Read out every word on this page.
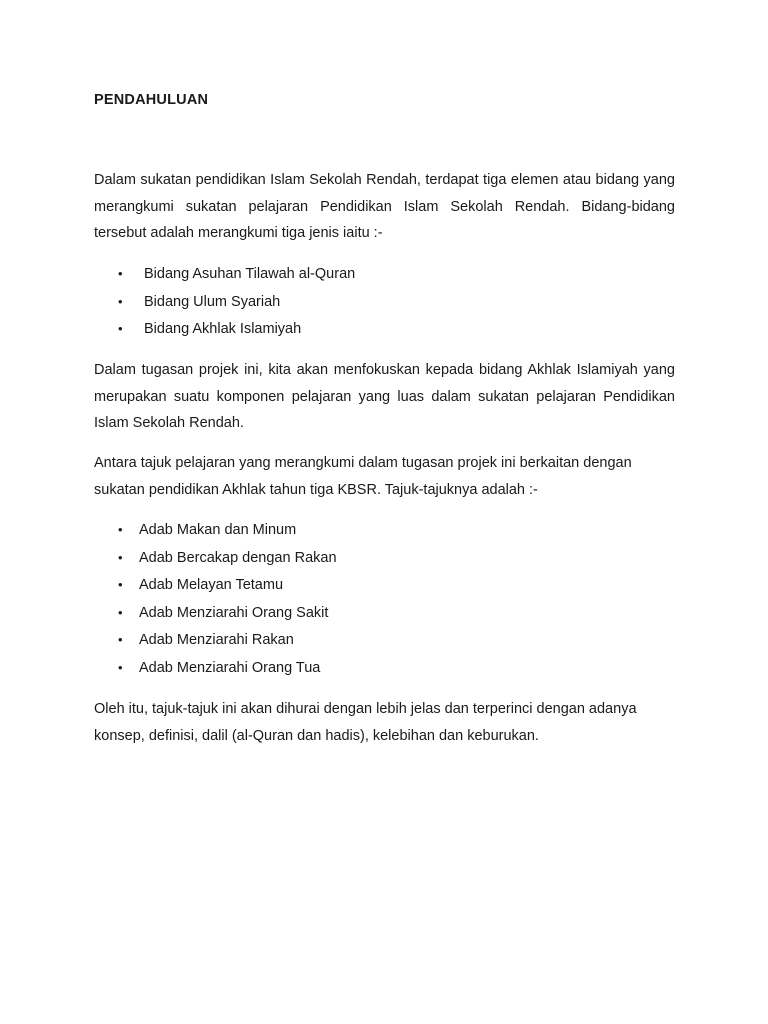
PENDAHULUAN

Dalam sukatan pendidikan Islam Sekolah Rendah, terdapat tiga elemen atau bidang yang merangkumi sukatan pelajaran Pendidikan Islam Sekolah Rendah. Bidang-bidang tersebut adalah merangkumi tiga jenis iaitu :-

• Bidang Asuhan Tilawah al-Quran
• Bidang Ulum Syariah
• Bidang Akhlak Islamiyah

Dalam tugasan projek ini, kita akan menfokuskan kepada bidang Akhlak Islamiyah yang merupakan suatu komponen pelajaran yang luas dalam sukatan pelajaran Pendidikan Islam Sekolah Rendah.

Antara tajuk pelajaran yang merangkumi dalam tugasan projek ini berkaitan dengan sukatan pendidikan Akhlak tahun tiga KBSR. Tajuk-tajuknya adalah :-

• Adab Makan dan Minum
• Adab Bercakap dengan Rakan
• Adab Melayan Tetamu
• Adab Menziarahi Orang Sakit
• Adab Menziarahi Rakan
• Adab Menziarahi Orang Tua

Oleh itu, tajuk-tajuk ini akan dihurai dengan lebih jelas dan terperinci dengan adanya konsep, definisi, dalil (al-Quran dan hadis), kelebihan dan keburukan.
